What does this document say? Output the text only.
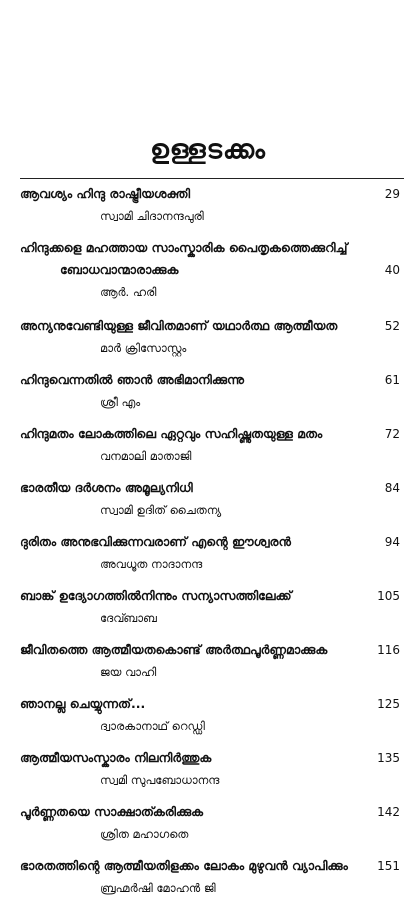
ഉള്ളടക്കം
ആവശ്യം ഹിന്ദു രാഷ്ട്രീയശക്തി	29
സ്വാമി ചിദാനന്ദപുരി
ഹിന്ദുക്കളെ മഹത്തായ സാംസ്കാരിക പൈതൃകത്തെക്കുറിച്ച്
ബോധവാന്മാരാക്കുക	40
ആർ. ഹരി
അന്യനുവേണ്ടിയുള്ള ജീവിതമാണ് യഥാർത്ഥ ആത്മീയത	52
മാർ ക്രിസോസ്റ്റം
ഹിന്ദുവെന്നതിൽ ഞാൻ അഭിമാനിക്കുന്നു	61
ശ്രീ എം
ഹിന്ദുമതം ലോകത്തിലെ ഏറ്റവും സഹിഷ്ണുതയുള്ള മതം	72
വനമാലി മാതാജി
ഭാരതീയ ദർശനം അമൂല്യനിധി	84
സ്വാമി ഉദിത് ചൈതന്യ
ദുരിതം അനുഭവിക്കുന്നവരാണ് എന്റെ ഈശ്വരൻ	94
അവധൂത നാദാനന്ദ
ബാങ്ക് ഉദ്യോഗത്തിൽനിന്നും സന്യാസത്തിലേക്ക്	105
ദേവ്ബാബ
ജീവിതത്തെ ആത്മീയതകൊണ്ട് അർത്ഥപൂർണ്ണമാക്കുക	116
ജയ വാഹി
ഞാനല്ല ചെയ്യുന്നത്...	125
ദ്വാരകാനാഥ് റെഡ്ഡി
ആത്മീയസംസ്കാരം നിലനിർത്തുക	135
സ്വമി സുപബോധാനന്ദ
പൂർണ്ണതയെ സാക്ഷാത്കരിക്കുക	142
ശ്രിത മഹാഗതെ
ഭാരതത്തിന്റെ ആത്മീയതിളക്കം ലോകം മുഴുവൻ വ്യാപിക്കും	151
ബ്രഹ്മർഷി മോഹൻ ജി
